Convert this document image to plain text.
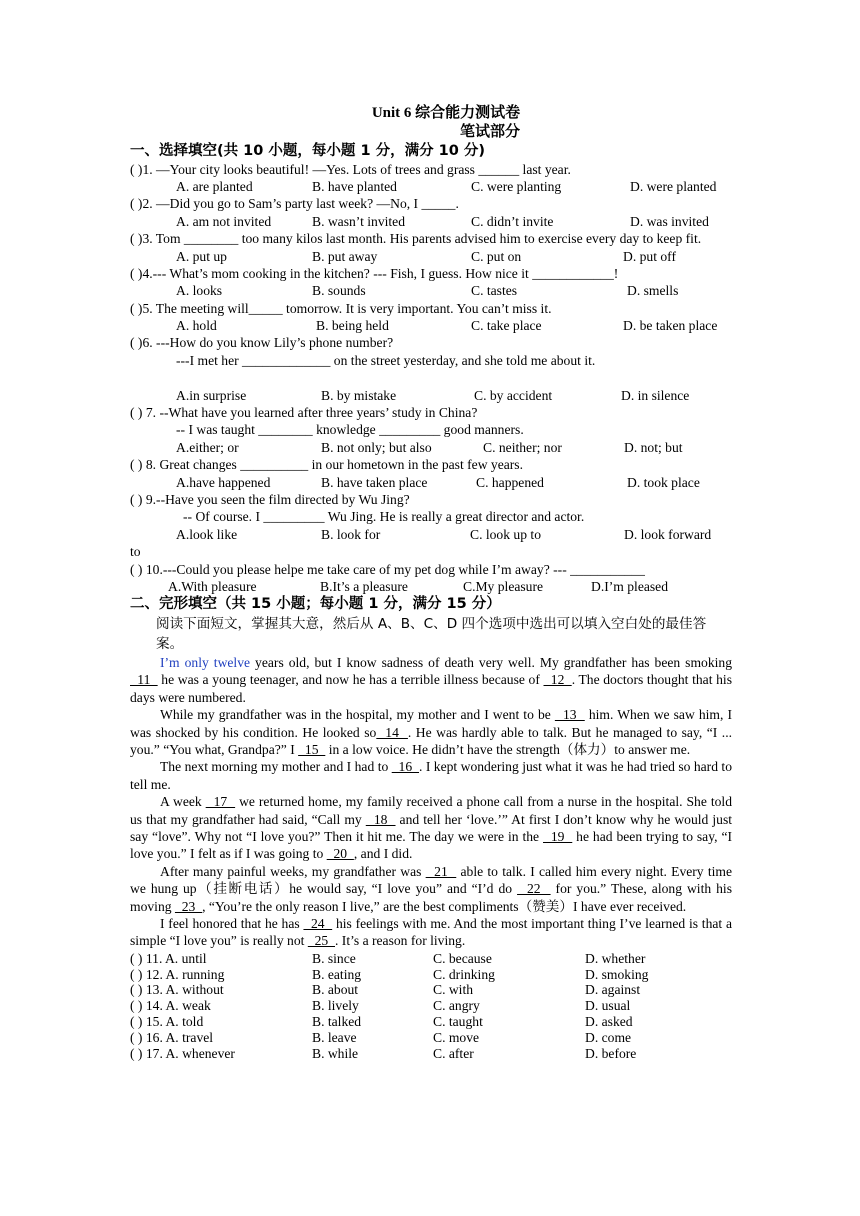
Unit 6 综合能力测试卷
笔试部分
一、选择填空(共 10 小题，每小题 1 分，满分 10 分)
( )1. —Your city looks beautiful! —Yes. Lots of trees and grass ______ last year.
A. are planted	B. have planted	C. were planting	D. were planted
( )2. —Did you go to Sam’s party last week? —No, I _____.
A. am not invited	B. wasn’t invited	C. didn’t invite	D. was invited
( )3. Tom ________ too many kilos last month. His parents advised him to exercise every day to keep fit.
A. put up	B. put away	C. put on	D. put off
( )4.--- What’s mom cooking in the kitchen? --- Fish, I guess. How nice it ____________!
A. looks	B. sounds	C. tastes	D. smells
( )5. The meeting will_____ tomorrow. It is very important. You can’t miss it.
A. hold	B. being held	C. take place	D. be taken place
( )6. ---How do you know Lily’s phone number?
---I met her _____________ on the street yesterday, and she told me about it.
A.in surprise	B. by mistake	C. by accident	D. in silence
( ) 7. --What have you learned after three years’ study in China?
-- I was taught ________ knowledge _________ good manners.
A.either; or	B. not only; but also	C. neither; nor	D. not; but
( ) 8. Great changes __________ in our hometown in the past few years.
A.have happened	B. have taken place	C. happened	D. took place
( ) 9.--Have you seen the film directed by Wu Jing?
-- Of course. I _________ Wu Jing. He is really a great director and actor.
A.look like	B. look for	C. look up to	D. look forward
to
( ) 10.---Could you please helpe me take care of my pet dog while I’m away? --- ___________
A.With pleasure	B.It’s a pleasure	C.My pleasure	D.I’m pleased
二、完形填空（共 15 小题；每小题 1 分，满分 15 分）
阅读下面短文，掌握其大意，然后从 A、B、C、D 四个选项中选出可以填入空白处的最佳答案。
I’m only twelve years old, but I know sadness of death very well. My grandfather has been smoking   11   he was a young teenager, and now he has a terrible illness because of   12  . The doctors thought that his days were numbered.
While my grandfather was in the hospital, my mother and I went to be   13   him. When we saw him, I was shocked by his condition. He looked so  14  . He was hardly able to talk. But he managed to say, “I ... you.” “You what, Grandpa?” I   15   in a low voice. He didn’t have the strength（体力）to answer me.
The next morning my mother and I had to   16  . I kept wondering just what it was he had tried so hard to tell me.
A week   17   we returned home, my family received a phone call from a nurse in the hospital. She told us that my grandfather had said, “Call my   18   and tell her ‘love.’” At first I don’t know why he would just say “love”. Why not “I love you?” Then it hit me. The day we were in the   19   he had been trying to say, “I love you.” I felt as if I was going to   20  , and I did.
After many painful weeks, my grandfather was   21   able to talk. I called him every night. Every time we hung up（挂断电话）he would say, “I love you” and “I’d do   22   for you.” These, along with his moving   23  , “You’re the only reason I live,” are the best compliments（赞美）I have ever received.
I feel honored that he has   24   his feelings with me. And the most important thing I’ve learned is that a simple “I love you” is really not   25  . It’s a reason for living.
( ) 11. A. until	B. since	C. because	D. whether
( ) 12. A. running	B. eating	C. drinking	D. smoking
( ) 13. A. without	B. about	C. with	D. against
( ) 14. A. weak	B. lively	C. angry	D. usual
( ) 15. A. told	B. talked	C. taught	D. asked
( ) 16. A. travel	B. leave	C. move	D. come
( ) 17. A. whenever	B. while	C. after	D. before
